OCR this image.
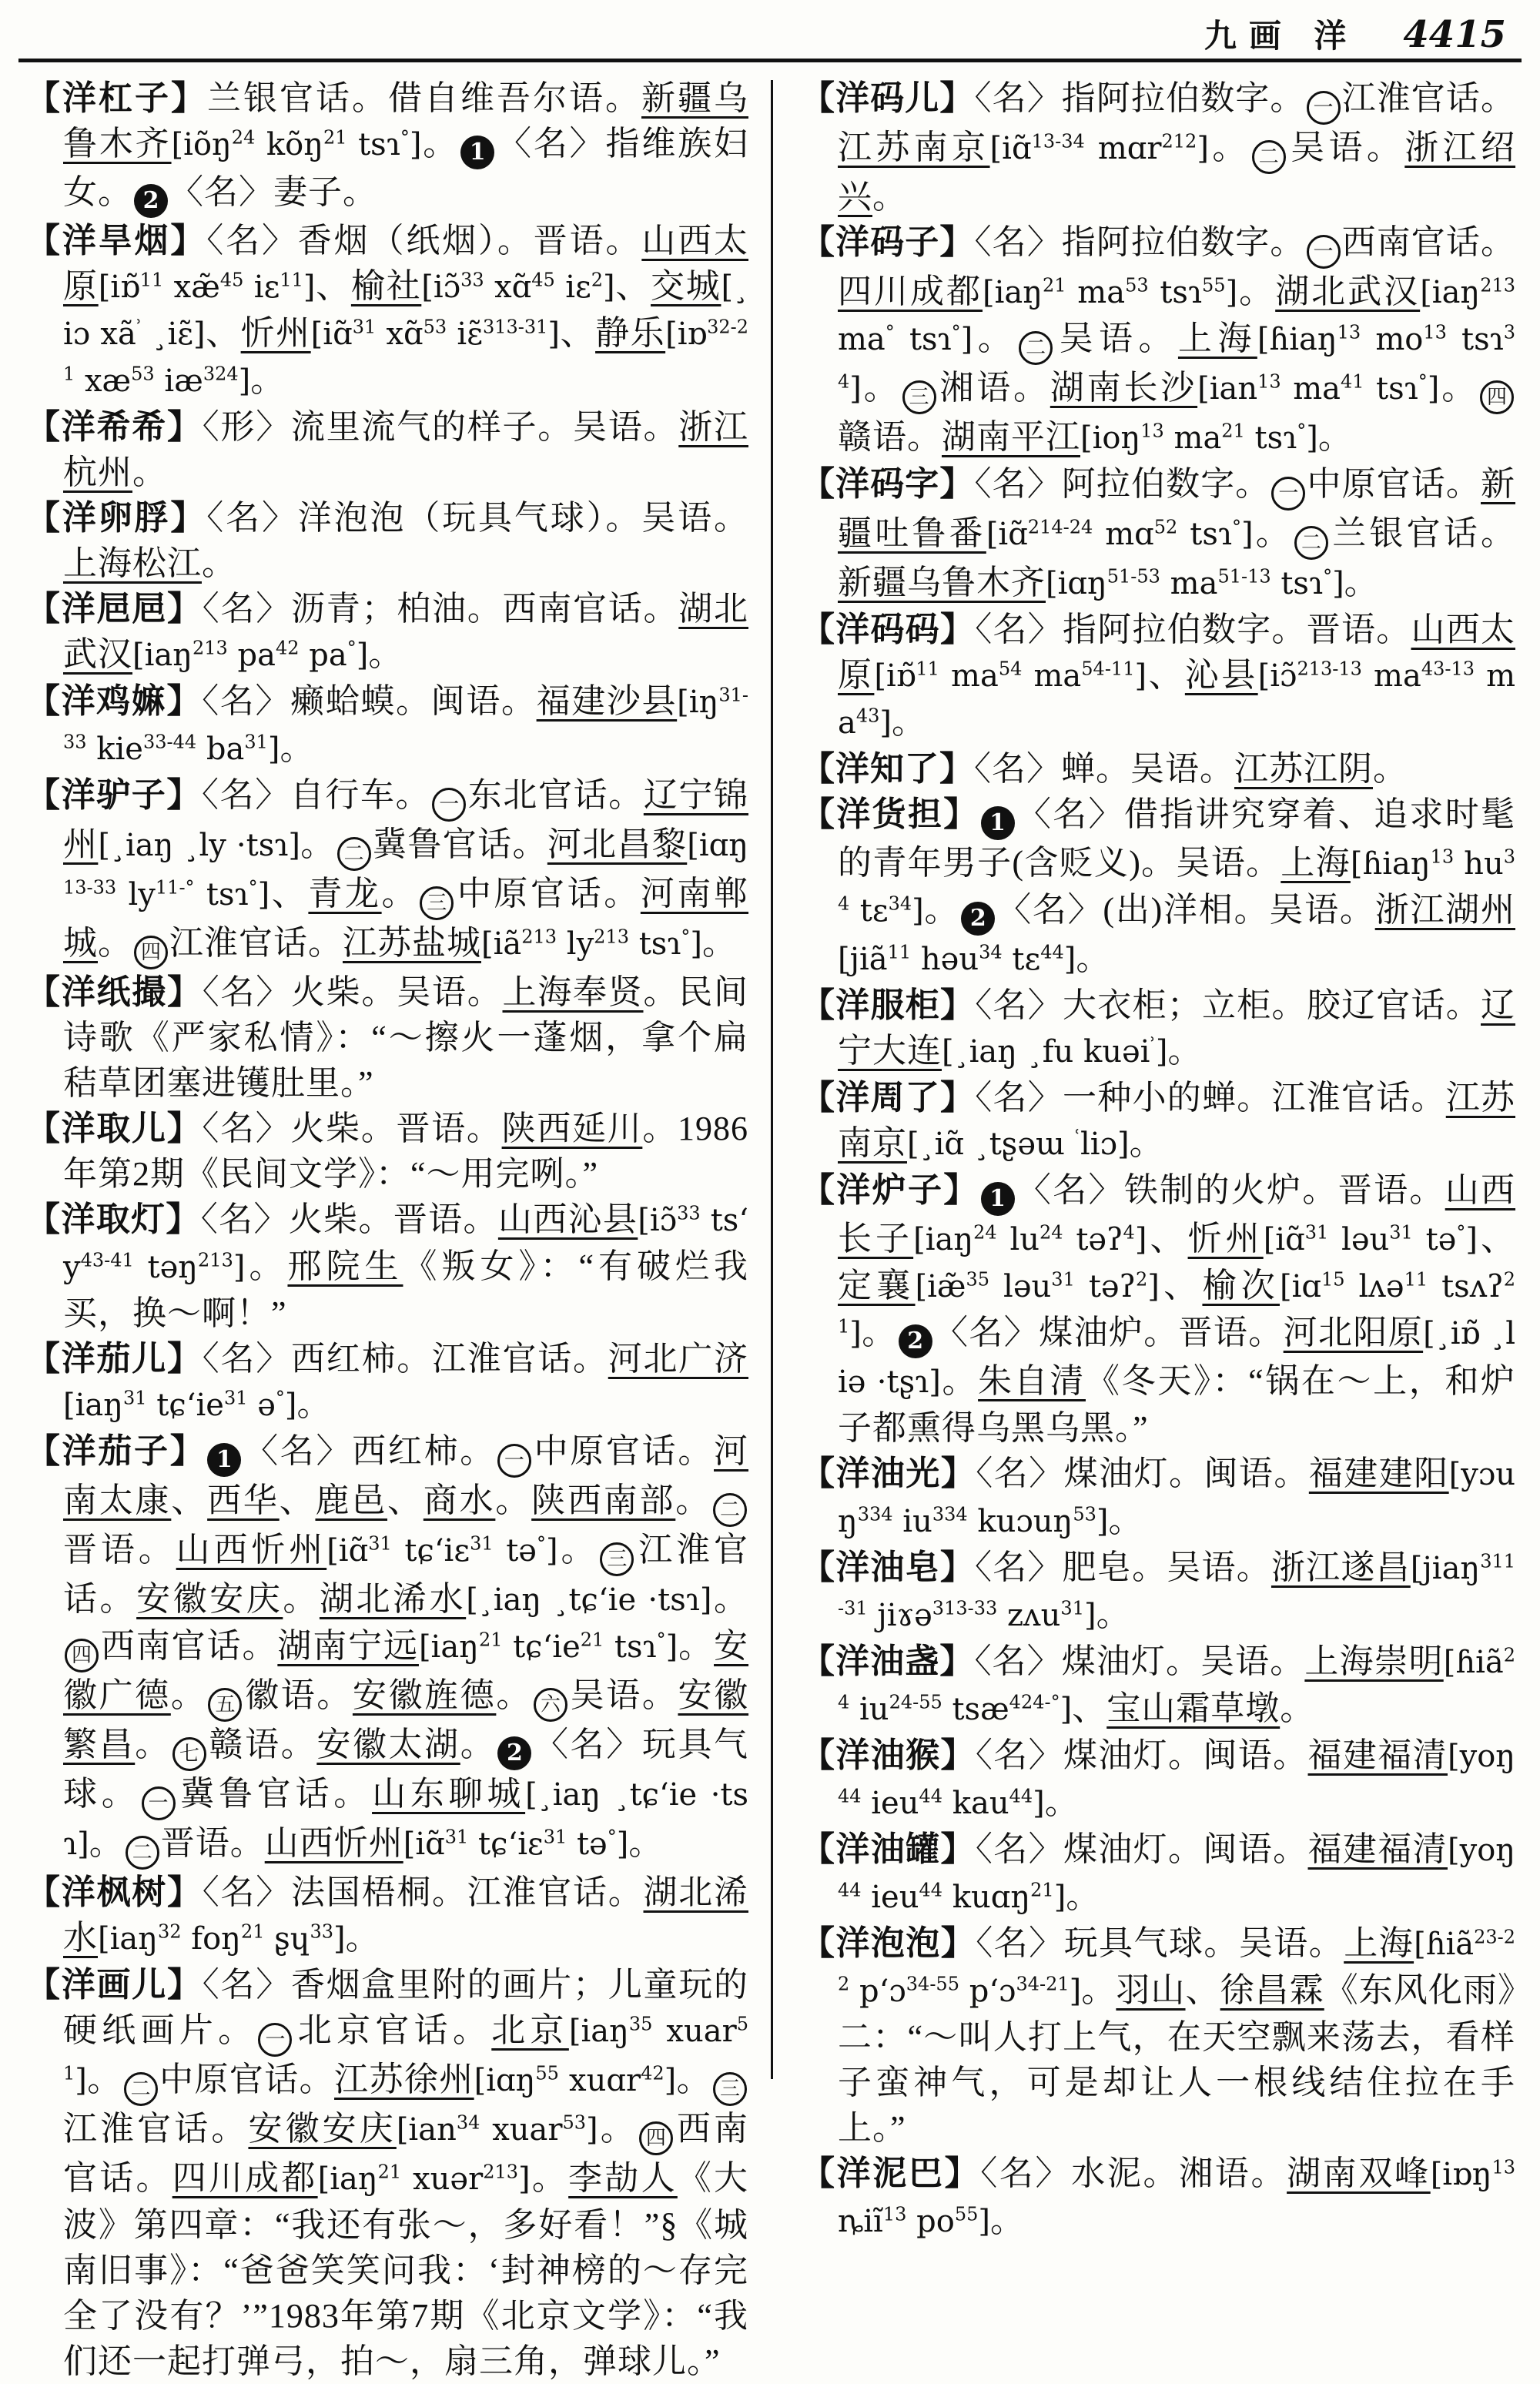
九画 洋 4415

【洋杠子】兰银官话。借自维吾尔语。新疆乌鲁木齐[iõŋ$^{24}$ kõŋ$^{21}$ tsɿ°]。 1 〈名〉指维族妇女。 2 〈名〉妻子。

【洋旱烟】〈名〉香烟（纸烟）。晋语。山西太原[iɒ̃$^{11}$ xæ̃$^{45}$ iɛ$^{11}$]、榆社[iɔ̃$^{33}$ xɑ̃$^{45}$ iɛ$^2$]、交城[¸iɔ $xã^ʾ$ ¸iɛ̃]、忻州[iɑ̃$^{31}$ xɑ̃$^{53}$ iɛ̃$^{313-31}$]、静乐[iɒ$^{32-21}$ $xæ^{53}$ $iæ^{324}$]。

【洋希希】〈形〉流里流气的样子。吴语。浙江杭州。

【洋卵脬】〈名〉洋泡泡（玩具气球）。吴语。上海松江。

【洋㞎㞎】〈名〉沥青；柏油。西南官话。湖北武汉[iaŋ$^{213}$ $pa^{42}$ pa°]。

【洋鸡嫲】〈名〉癞蛤蟆。闽语。福建沙县[$iŋ^{31-33}$ kie$^{33-44}$ $ba^{31}$]。

【洋驴子】〈名〉自行车。 一 东北官话。辽宁锦州[¸iaŋ ¸ly ·tsɿ]。 二 冀鲁官话。河北昌黎[iɑŋ$^{13-33}$ $ly^{11-^\circ}$ tsɿ°]、青龙。 三 中原官话。河南郸城。 四 江淮官话。江苏盐城[$iã^{213}$ $ly^{213}$ tsɿ°]。

【洋纸撮】〈名〉火柴。吴语。上海奉贤。民间诗歌《严家私情》：“～擦火一蓬烟，拿个扁秸草团塞进镬肚里。”

【洋取儿】〈名〉火柴。晋语。陕西延川。1986年第2期《民间文学》：“～用完咧。”

【洋取灯】〈名〉火柴。晋语。山西沁县[iɔ̃$^{33}$ tsʻy$^{43-41}$ təŋ$^{213}$]。邢院生《叛女》：“有破烂我买，换～啊！”

【洋茄儿】〈名〉西红柿。江淮官话。河北广济[iaŋ$^{31}$ tɕʻie$^{31}$ ə°]。

【洋茄子】 1 〈名〉西红柿。 一 中原官话。河南太康、西华、鹿邑、商水。陕西南部。 二晋语。山西忻州[iɑ̃$^{31}$ tɕʻiɛ$^{31}$ tə°]。 三 江淮官话。安徽安庆。湖北浠水[¸iaŋ ¸tɕʻie ·tsɿ]。四 西南官话。湖南宁远[iaŋ$^{21}$ tɕʻie$^{21}$ tsɿ°]。安徽广德。 五 徽语。安徽旌德。 六 吴语。安徽繁昌。 七 赣语。安徽太湖。 2 〈名〉玩具气球。 一 冀鲁官话。山东聊城[¸iaŋ ¸tɕʻie ·tsɿ]。 二 晋语。山西忻州[iɑ̃$^{31}$ tɕʻiɛ$^{31}$ tə°]。

【洋枫树】〈名〉法国梧桐。江淮官话。湖北浠水[iaŋ$^{32}$ foŋ$^{21}$ ʂɥ$^{33}$]。

【洋画儿】〈名〉香烟盒里附的画片；儿童玩的硬纸画片。 一 北京官话。北京[iaŋ$^{35}$ xuar$^{51}$]。 二 中原官话。江苏徐州[iɑŋ$^{55}$ xuɑr$^{42}$]。 三江淮官话。安徽安庆[ian$^{34}$ xuar$^{53}$]。 四 西南官话。四川成都[iaŋ$^{21}$ xuər$^{213}$]。李劼人《大波》第四章：“我还有张～，多好看！”§《城南旧事》：“爸爸笑笑问我：‘封神榜的～存完全了没有？’”1983年第7期《北京文学》：“我们还一起打弹弓，拍～，扇三角，弹球儿。”

【洋码儿】〈名〉指阿拉伯数字。 一 江淮官话。江苏南京[iɑ̃$^{13-34}$ mɑr$^{212}$]。 二 吴语。浙江绍兴。

【洋码子】〈名〉指阿拉伯数字。 一 西南官话。四川成都[iaŋ$^{21}$ $ma^{53}$ tsɿ$^{55}$]。湖北武汉[iaŋ$^{213}$ ma° tsɿ°]。 二 吴语。上海[ɦiaŋ$^{13}$ $mo^{13}$ tsɿ$^{34}$]。 三 湘语。湖南长沙[ian$^{13}$ $ma^{41}$ tsɿ°]。 四赣语。湖南平江[ioŋ$^{13}$ $ma^{21}$ tsɿ°]。

【洋码字】〈名〉阿拉伯数字。 一 中原官话。新疆吐鲁番[iɑ̃$^{214-24}$ mɑ$^{52}$ tsɿ°]。 二 兰银官话。新疆乌鲁木齐[iɑŋ$^{51-53}$ $ma^{51-13}$ tsɿ°]。

【洋码码】〈名〉指阿拉伯数字。晋语。山西太原[iɒ̃$^{11}$ $ma^{54}$ $ma^{54-11}$]、沁县[iɔ̃$^{213-13}$ $ma^{43-13}$ $ma^{43}$]。

【洋知了】〈名〉蝉。吴语。江苏江阴。

【洋货担】 1 〈名〉借指讲究穿着、追求时髦的青年男子(含贬义)。吴语。上海[ɦiaŋ$^{13}$ $hu^{34}$ tɛ$^{34}$]。 2 〈名〉(出)洋相。吴语。浙江湖州[jiã$^{11}$ həu$^{34}$ tɛ$^{44}$]。

【洋服柜】〈名〉大衣柜；立柜。胶辽官话。辽宁大连[¸iaŋ ¸fu kuəi$^ʾ$]。

【洋周了】〈名〉一种小的蝉。江淮官话。江苏南京[¸iɑ̃ ¸tʂəɯ $^ʿ$liɔ]。

【洋炉子】 1 〈名〉铁制的火炉。晋语。山西长子[iaŋ$^{24}$ $lu^{24}$ təʔ$^4$]、忻州[iɑ̃$^{31}$ ləu$^{31}$ tə°]、定襄[iæ̃$^{35}$ ləu$^{31}$ təʔ$^2$]、榆次[iɑ$^{15}$ lʌə$^{11}$ tsʌʔ$^{21}$]。 2 〈名〉煤油炉。晋语。河北阳原[¸iɒ̃ ¸liə ·tʂɿ]。朱自清《冬天》：“锅在～上，和炉子都熏得乌黑乌黑。”

【洋油光】〈名〉煤油灯。闽语。福建建阳[yɔuŋ$^{334}$ $iu^{334}$ kuɔuŋ$^{53}$]。

【洋油皂】〈名〉肥皂。吴语。浙江遂昌[jiaŋ$^{311-31}$ jiɤə$^{313-33}$ zʌu$^{31}$]。

【洋油盏】〈名〉煤油灯。吴语。上海崇明[ɦiã$^{24}$ $iu^{24-55}$ tsæ$^{424-^\circ}$]、宝山霜草墩。

【洋油猴】〈名〉煤油灯。闽语。福建福清[yoŋ$^{44}$ ieu$^{44}$ kau$^{44}$]。

【洋油罐】〈名〉煤油灯。闽语。福建福清[yoŋ$^{44}$ ieu$^{44}$ kuɑŋ$^{21}$]。

【洋泡泡】〈名〉玩具气球。吴语。上海[ɦiã$^{23-22}$ pʻɔ$^{34-55}$ pʻɔ$^{34-21}$]。羽山、徐昌霖《东风化雨》二：“～叫人打上气，在天空飘来荡去，看样子蛮神气，可是却让人一根线结住拉在手上。”

【洋泥巴】〈名〉水泥。湘语。湖南双峰[iɒŋ$^{13}$ ȵiĩ$^{13}$ $po^{55}$]。
